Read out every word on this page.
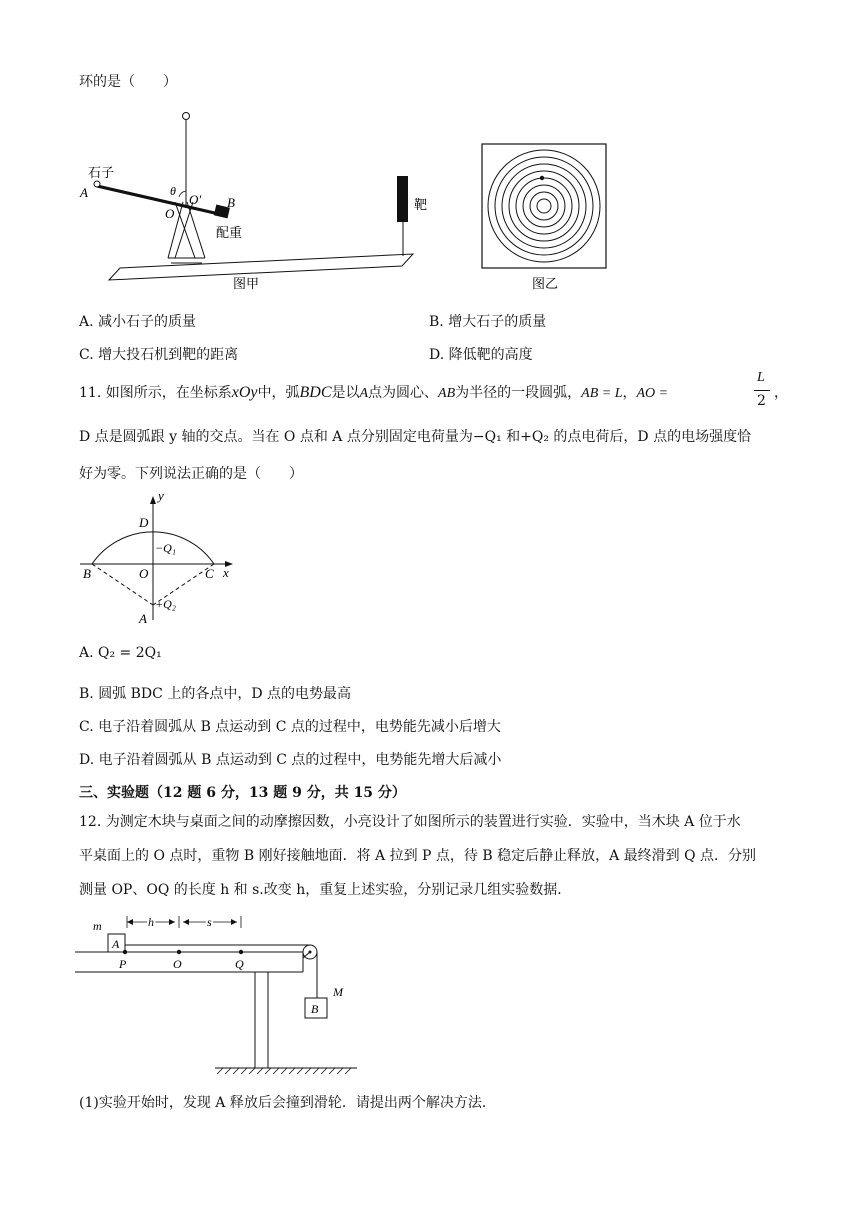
环的是（　　）
石子
A	θ
O′
O
B
配重
靶
图甲	图乙
A. 减小石子的质量	B. 增大石子的质量
C. 增大投石机到靶的距离	D. 降低靶的高度
11. 如图所示，在坐标系xOy中，弧BDC是以A点为圆心、AB为半径的一段圆弧，AB = L，AO =
L
2 ，
D 点是圆弧跟 y 轴的交点。当在 O 点和 A 点分别固定电荷量为−Q₁ 和+Q₂ 的点电荷后，D 点的电场强度恰
好为零。下列说法正确的是（　　）
y
x
D
B	O	C
A
−Q₁
+Q₂
A. Q₂ = 2Q₁
B. 圆弧 BDC 上的各点中，D 点的电势最高
C. 电子沿着圆弧从 B 点运动到 C 点的过程中，电势能先减小后增大
D. 电子沿着圆弧从 B 点运动到 C 点的过程中，电势能先增大后减小
三、实验题（12 题 6 分，13 题 9 分，共 15 分）
12. 为测定木块与桌面之间的动摩擦因数，小亮设计了如图所示的装置进行实验．实验中，当木块 A 位于水
平桌面上的 O 点时，重物 B 刚好接触地面．将 A 拉到 P 点，待 B 稳定后静止释放，A 最终滑到 Q 点．分别
测量 OP、OQ 的长度 h 和 s.改变 h，重复上述实验，分别记录几组实验数据．
m
A
h	s
P	O	Q
M
B
(1)实验开始时，发现 A 释放后会撞到滑轮．请提出两个解决方法．
